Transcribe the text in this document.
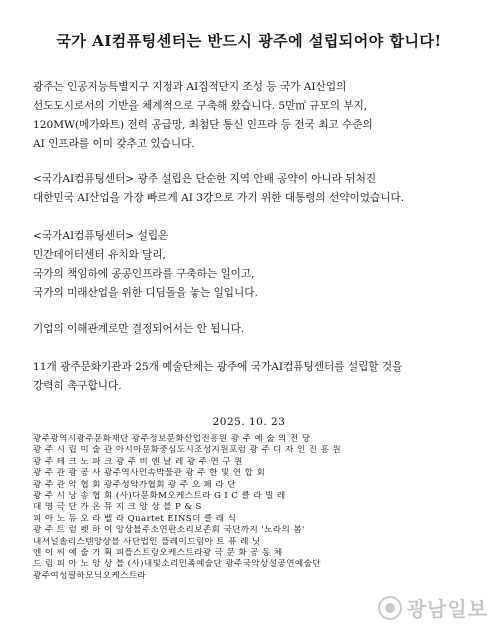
국가 AI컴퓨팅센터는 반드시 광주에 설립되어야 합니다!
광주는 인공지능특별지구 지정과 AI집적단지 조성 등 국가 AI산업의
선도도시로서의 기반을 체계적으로 구축해 왔습니다. 5만㎡ 규모의 부지,
120MW(메가와트) 전력 공급망, 최첨단 통신 인프라 등 전국 최고 수준의
AI 인프라를 이미 갖추고 있습니다.
<국가AI컴퓨팅센터> 광주 설립은 단순한 지역 안배 공약이 아니라 뒤처진
대한민국 AI산업을 가장 빠르게 AI 3강으로 가기 위한 대통령의 선약이었습니다.
<국가AI컴퓨팅센터> 설립은
민간데이터센터 유치와 달리,
국가의 책임하에 공공인프라를 구축하는 일이고,
국가의 미래산업을 위한 디딤돌을 놓는 일입니다.
기업의 이해관계로만 결정되어서는 안 됩니다.
11개 광주문화기관과 25개 예술단체는 광주에 국가AI컴퓨팅센터를 설립할 것을
강력히 촉구합니다.
2025. 10. 23
광주광역시광주문화재단 광주정보문화산업진흥원 광 주 예 술 의 전 당
광 주 시 립 미 술 관 아시아문화중심도시조성지원포럼 광 주 디 자 인 진 흥 원
광 주 테 크 노 파 크 광 주 비 엔 날 레 광 주 연 구 원
광 주 관 광 공 사 광주역사민속박물관 광 주 한 빛 연 합 회
광 주 관 악 협 회 광주성악가협회 광 주 오 페 라 단
광 주 시 낭 송 협 회 (사)다문화M오케스트라 G I C 클 라 빌 레
대 영 극 단 가 온 뮤 지 크 앙 상 블 P & S
피 아 노 듀 오 라 벨 라 Quartet EINS더 클 래 식
광 주 트 럼 펫 하 이 앙상블주소연판소리보존회 국단까지 '노라의 봄'
내셔널솔리스텐앙상블 사단법인 플레이드림아 트 퓨 레 닛
엔 이 씨 예 술 기 획 피플스트링오케스트라광 극 문 화 공 동 체
드 림 피 아 노 앙 상 블 (사)내빛소리민족예술단 광주국악상설공연예술단
광주여성필하모닉오케스트라
광남일보
